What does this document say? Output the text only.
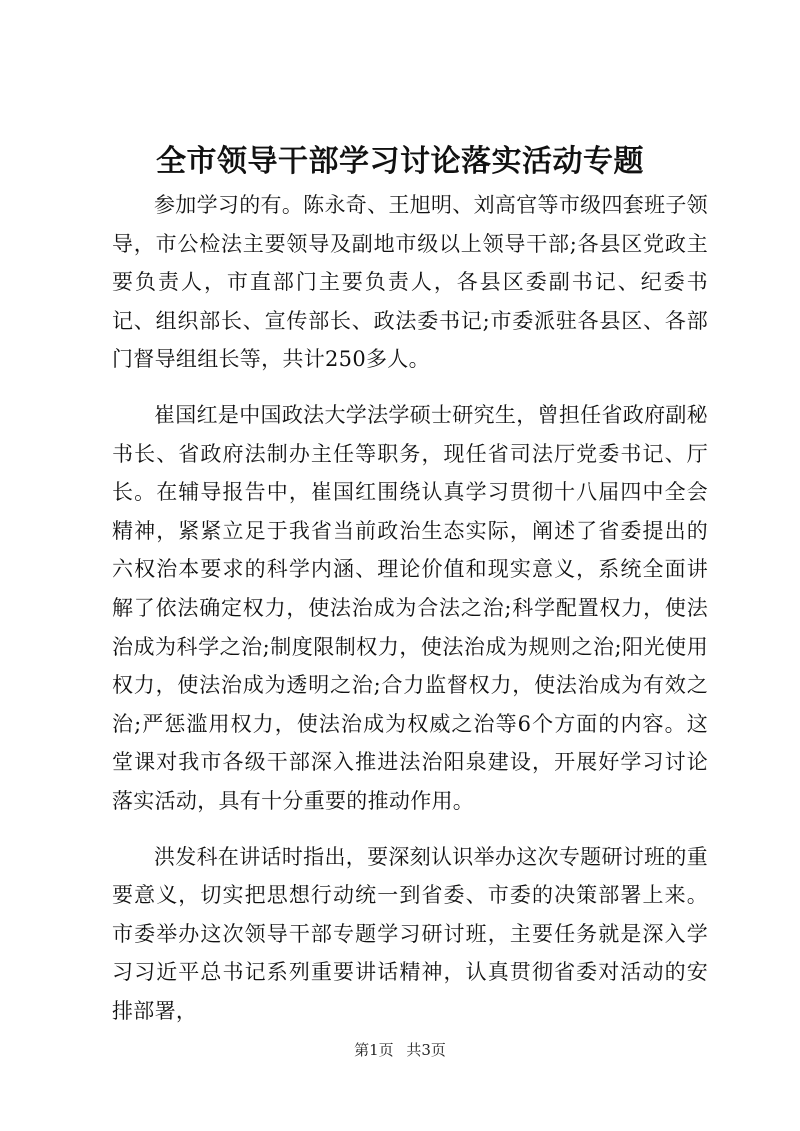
全市领导干部学习讨论落实活动专题

参加学习的有。陈永奇、王旭明、刘高官等市级四套班子领导，市公检法主要领导及副地市级以上领导干部;各县区党政主要负责人，市直部门主要负责人，各县区委副书记、纪委书记、组织部长、宣传部长、政法委书记;市委派驻各县区、各部门督导组组长等，共计250多人。

崔国红是中国政法大学法学硕士研究生，曾担任省政府副秘书长、省政府法制办主任等职务，现任省司法厅党委书记、厅长。在辅导报告中，崔国红围绕认真学习贯彻十八届四中全会精神，紧紧立足于我省当前政治生态实际，阐述了省委提出的六权治本要求的科学内涵、理论价值和现实意义，系统全面讲解了依法确定权力，使法治成为合法之治;科学配置权力，使法治成为科学之治;制度限制权力，使法治成为规则之治;阳光使用权力，使法治成为透明之治;合力监督权力，使法治成为有效之治;严惩滥用权力，使法治成为权威之治等6个方面的内容。这堂课对我市各级干部深入推进法治阳泉建设，开展好学习讨论落实活动，具有十分重要的推动作用。

洪发科在讲话时指出，要深刻认识举办这次专题研讨班的重要意义，切实把思想行动统一到省委、市委的决策部署上来。市委举办这次领导干部专题学习研讨班，主要任务就是深入学习习近平总书记系列重要讲话精神，认真贯彻省委对活动的安排部署，

第1页 共3页
